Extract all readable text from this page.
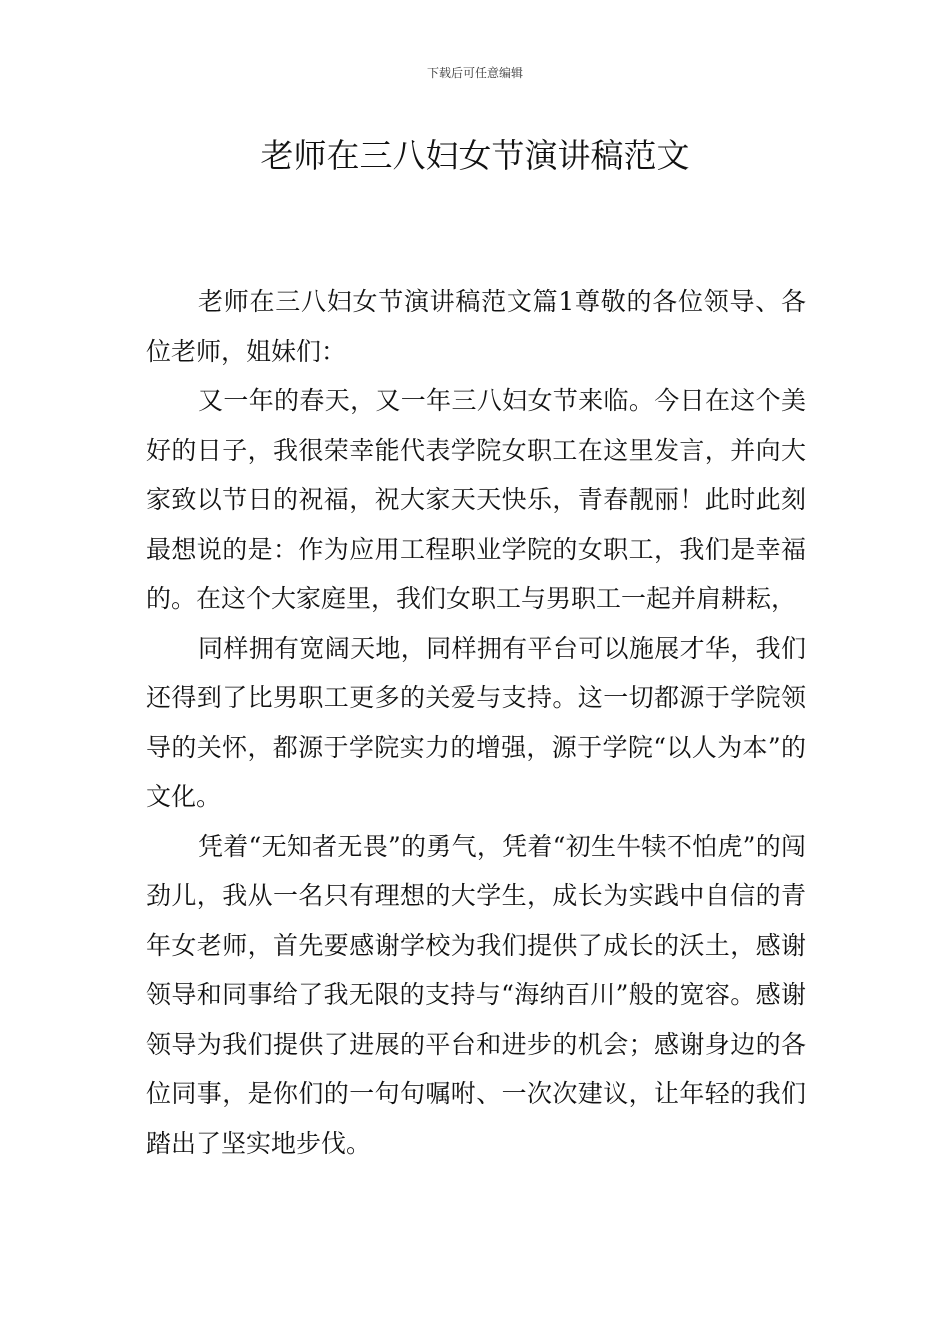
下载后可任意编辑
老师在三八妇女节演讲稿范文

老师在三八妇女节演讲稿范文篇1尊敬的各位领导、各位老师，姐妹们：

又一年的春天，又一年三八妇女节来临。今日在这个美好的日子，我很荣幸能代表学院女职工在这里发言，并向大家致以节日的祝福，祝大家天天快乐，青春靓丽！此时此刻最想说的是：作为应用工程职业学院的女职工，我们是幸福的。在这个大家庭里，我们女职工与男职工一起并肩耕耘，

同样拥有宽阔天地，同样拥有平台可以施展才华，我们还得到了比男职工更多的关爱与支持。这一切都源于学院领导的关怀，都源于学院实力的增强，源于学院“以人为本”的文化。

凭着“无知者无畏”的勇气，凭着“初生牛犊不怕虎”的闯劲儿，我从一名只有理想的大学生，成长为实践中自信的青年女老师，首先要感谢学校为我们提供了成长的沃土，感谢领导和同事给了我无限的支持与“海纳百川”般的宽容。感谢领导为我们提供了进展的平台和进步的机会；感谢身边的各位同事，是你们的一句句嘱咐、一次次建议，让年轻的我们踏出了坚实地步伐。
